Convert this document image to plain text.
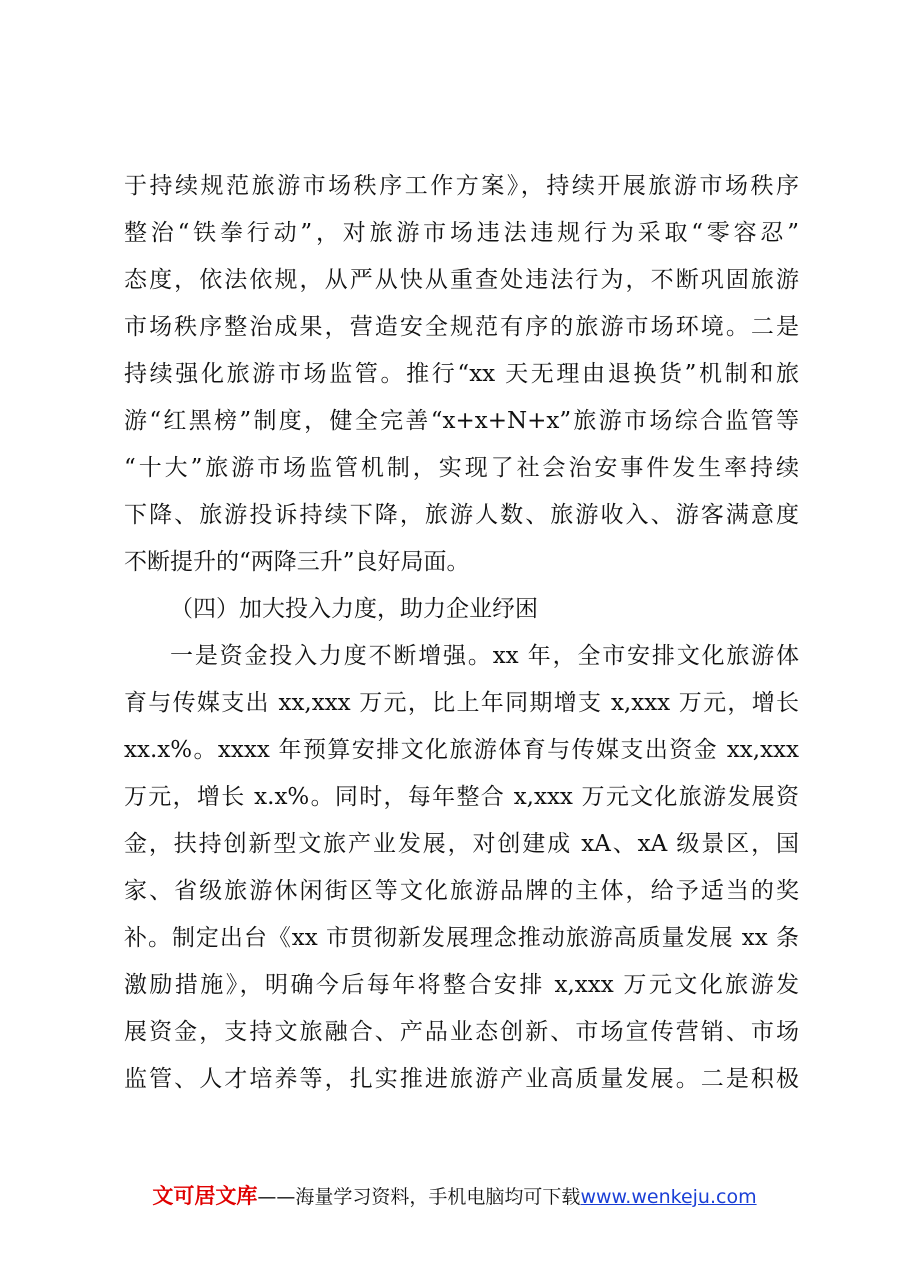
于持续规范旅游市场秩序工作方案》，持续开展旅游市场秩序
整治“铁拳行动”，对旅游市场违法违规行为采取“零容忍”
态度，依法依规，从严从快从重查处违法行为，不断巩固旅游
市场秩序整治成果，营造安全规范有序的旅游市场环境。二是
持续强化旅游市场监管。推行“xx 天无理由退换货”机制和旅
游“红黑榜”制度，健全完善“x+x+N+x”旅游市场综合监管等
“十大”旅游市场监管机制，实现了社会治安事件发生率持续
下降、旅游投诉持续下降，旅游人数、旅游收入、游客满意度
不断提升的“两降三升”良好局面。
（四）加大投入力度，助力企业纾困
一是资金投入力度不断增强。xx 年，全市安排文化旅游体
育与传媒支出 xx,xxx 万元，比上年同期增支 x,xxx 万元，增长
xx.x%。xxxx 年预算安排文化旅游体育与传媒支出资金 xx,xxx
万元，增长 x.x%。同时，每年整合 x,xxx 万元文化旅游发展资
金，扶持创新型文旅产业发展，对创建成 xA、xA 级景区，国
家、省级旅游休闲街区等文化旅游品牌的主体，给予适当的奖
补。制定出台《xx 市贯彻新发展理念推动旅游高质量发展 xx 条
激励措施》，明确今后每年将整合安排 x,xxx 万元文化旅游发
展资金，支持文旅融合、产品业态创新、市场宣传营销、市场
监管、人才培养等，扎实推进旅游产业高质量发展。二是积极
文可居文库——海量学习资料，手机电脑均可下载www.wenkeju.com
